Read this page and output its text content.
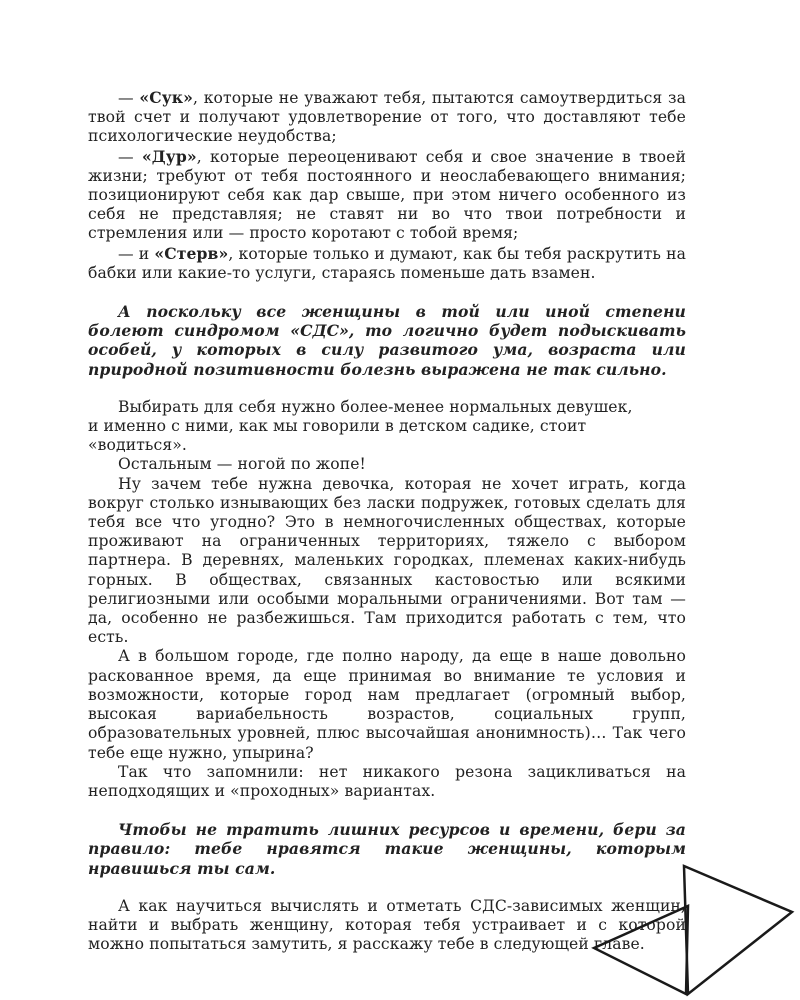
— «Сук», которые не уважают тебя, пытаются самоутвердиться за твой счет и получают удовлетворение от того, что доставляют тебе психологические неудобства;

— «Дур», которые переоценивают себя и свое значение в твоей жизни; требуют от тебя постоянного и неослабевающего внимания; позиционируют себя как дар свыше, при этом ничего особенного из себя не представляя; не ставят ни во что твои потребности и стремления или — просто коротают с тобой время;

— и «Стерв», которые только и думают, как бы тебя раскрутить на бабки или какие-то услуги, стараясь поменьше дать взамен.

А поскольку все женщины в той или иной степени болеют синдромом «СДС», то логично будет подыскивать особей, у которых в силу развитого ума, возраста или природной позитивности болезнь выражена не так сильно.

Выбирать для себя нужно более-менее нормальных девушек,

и именно с ними, как мы говорили в детском садике, стоит «водиться».

Остальным — ногой по жопе!

Ну зачем тебе нужна девочка, которая не хочет играть, когда вокруг столько изнывающих без ласки подружек, готовых сделать для тебя все что угодно? Это в немногочисленных обществах, которые проживают на ограниченных территориях, тяжело с выбором партнера. В деревнях, маленьких городках, племенах каких-нибудь горных. В обществах, связанных кастовостью или всякими религиозными или особыми моральными ограничениями. Вот там — да, особенно не разбежишься. Там приходится работать с тем, что есть.

А в большом городе, где полно народу, да еще в наше довольно раскованное время, да еще принимая во внимание те условия и возможности, которые город нам предлагает (огромный выбор, высокая вариабельность возрастов, социальных групп, образовательных уровней, плюс высочайшая анонимность)… Так чего тебе еще нужно, упырина?

Так что запомнили: нет никакого резона зацикливаться на неподходящих и «проходных» вариантах.

Чтобы не тратить лишних ресурсов и времени, бери за правило: тебе нравятся такие женщины, которым нравишься ты сам.

А как научиться вычислять и отметать СДС-зависимых женщин, найти и выбрать женщину, которая тебя устраивает и с которой можно попытаться замутить, я расскажу тебе в следующей главе.
